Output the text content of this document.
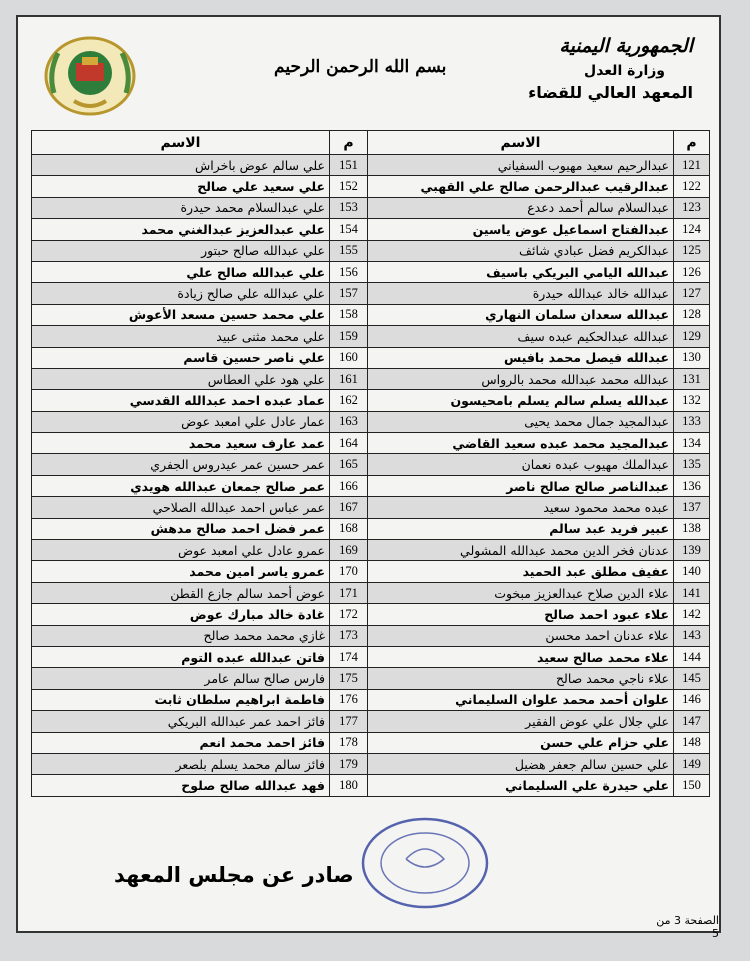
بسم الله الرحمن الرحيم
الجمهورية اليمنية
وزارة العدل
المعهد العالي للقضاء
م	الاسم	م	الاسم
121	عبدالرحيم سعيد مهيوب السفياني	151	علي سالم عوض باخراش
122	عبدالرقيب عبدالرحمن صالح علي القهبي	152	علي سعيد علي صالح
123	عبدالسلام سالم أحمد دعدع	153	علي عبدالسلام محمد حيدرة
124	عبدالفتاح اسماعيل عوض ياسين	154	علي عبدالعزيز عبدالغني محمد
125	عبدالكريم فضل عبادي شائف	155	علي عبدالله صالح حبتور
126	عبدالله اليامي البريكي باسيف	156	علي عبدالله صالح علي
127	عبدالله خالد عبدالله حيدرة	157	علي عبدالله علي صالح زيادة
128	عبدالله سعدان سلمان النهاري	158	علي محمد حسين مسعد الأعوش
129	عبدالله عبدالحكيم عبده سيف	159	علي محمد مثنى عبيد
130	عبدالله فيصل محمد بافيس	160	علي ناصر حسين قاسم
131	عبدالله محمد عبدالله محمد بالرواس	161	علي هود علي العطاس
132	عبدالله يسلم سالم يسلم بامحيسون	162	عماد عبده احمد عبدالله القدسي
133	عبدالمجيد جمال محمد يحيى	163	عمار عادل علي امعبد عوض
134	عبدالمجيد محمد عبده سعيد القاضي	164	عمد عارف سعيد محمد
135	عبدالملك مهيوب عبده نعمان	165	عمر حسين عمر عيدروس الجفري
136	عبدالناصر صالح صالح ناصر	166	عمر صالح جمعان عبدالله هويدي
137	عبده محمد محمود سعيد	167	عمر عباس احمد عبدالله الصلاحي
138	عبير فريد عبد سالم	168	عمر فضل احمد صالح مدهش
139	عدنان فخر الدين محمد عبدالله المشولي	169	عمرو عادل علي امعبد عوض
140	عفيف مطلق عبد الحميد	170	عمرو ياسر امين محمد
141	علاء الدين صلاح عبدالعزيز مبخوت	171	عوض أحمد سالم جازع القطن
142	علاء عبود احمد صالح	172	غادة خالد مبارك عوض
143	علاء عدنان احمد محسن	173	غازي محمد محمد صالح
144	علاء محمد صالح سعيد	174	فاتن عبدالله عبده التوم
145	علاء ناجي محمد صالح	175	فارس صالح سالم عامر
146	علوان أحمد محمد علوان السليماني	176	فاطمة ابراهيم سلطان ثابت
147	علي جلال علي عوض الفقير	177	فائز احمد عمر عبدالله البريكي
148	علي حزام علي حسن	178	فائز احمد محمد انعم
149	علي حسين سالم جعفر هضيل	179	فائز سالم محمد يسلم بلصعر
150	علي حيدرة علي السليماني	180	فهد عبدالله صالح صلوح
صادر عن مجلس المعهد
الصفحة 3 من 5
